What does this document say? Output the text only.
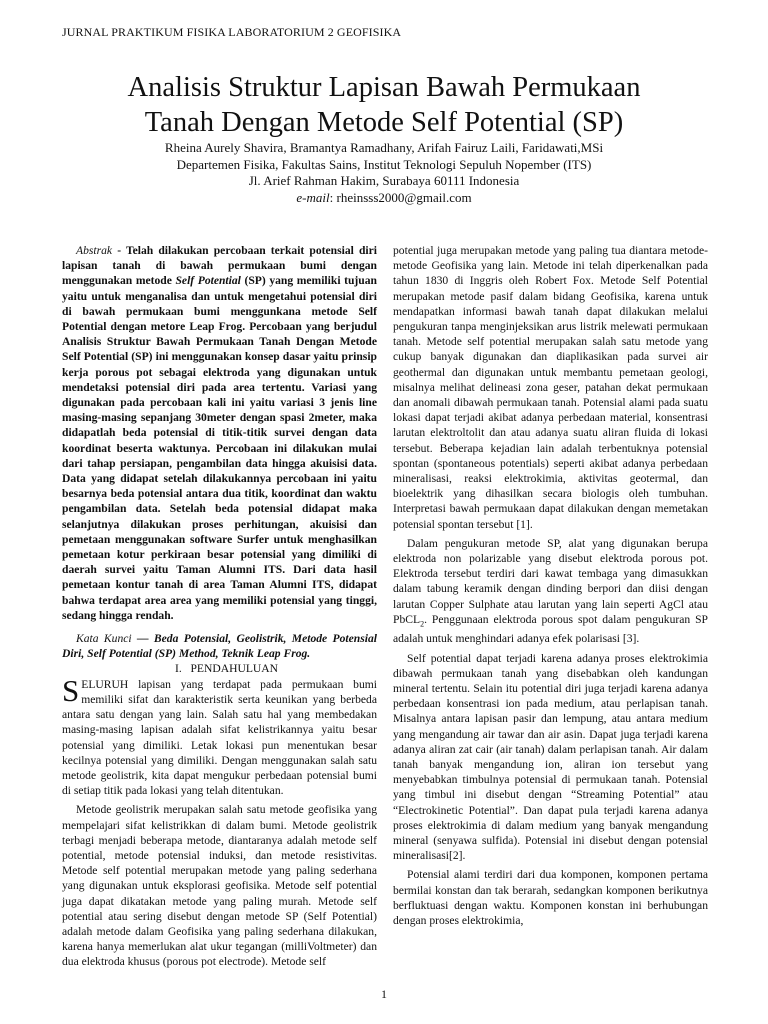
JURNAL PRAKTIKUM FISIKA LABORATORIUM 2 GEOFISIKA
Analisis Struktur Lapisan Bawah Permukaan
Tanah Dengan Metode Self Potential (SP)
Rheina Aurely Shavira, Bramantya Ramadhany, Arifah Fairuz Laili, Faridawati,MSi
Departemen Fisika, Fakultas Sains, Institut Teknologi Sepuluh Nopember (ITS)
Jl. Arief Rahman Hakim, Surabaya 60111 Indonesia
e-mail: rheinsss2000@gmail.com

Abstrak - Telah dilakukan percobaan terkait potensial diri lapisan tanah di bawah permukaan bumi dengan menggunakan metode Self Potential (SP) yang memiliki tujuan yaitu untuk menganalisa dan untuk mengetahui potensial diri di bawah permukaan bumi menggunkana metode Self Potential dengan metore Leap Frog. Percobaan yang berjudul Analisis Struktur Bawah Permukaan Tanah Dengan Metode Self Potential (SP) ini menggunakan konsep dasar yaitu prinsip kerja porous pot sebagai elektroda yang digunakan untuk mendetaksi potensial diri pada area tertentu. Variasi yang digunakan pada percobaan kali ini yaitu variasi 3 jenis line masing-masing sepanjang 30meter dengan spasi 2meter, maka didapatlah beda potensial di titik-titik survei dengan data koordinat beserta waktunya. Percobaan ini dilakukan mulai dari tahap persiapan, pengambilan data hingga akuisisi data. Data yang didapat setelah dilakukannya percobaan ini yaitu besarnya beda potensial antara dua titik, koordinat dan waktu pengambilan data. Setelah beda potensial didapat maka selanjutnya dilakukan proses perhitungan, akuisisi dan pemetaan menggunakan software Surfer untuk menghasilkan pemetaan kotur perkiraan besar potensial yang dimiliki di daerah survei yaitu Taman Alumni ITS. Dari data hasil pemetaan kontur tanah di area Taman Alumni ITS, didapat bahwa terdapat area area yang memiliki potensial yang tinggi, sedang hingga rendah.

Kata Kunci — Beda Potensial, Geolistrik, Metode Potensial Diri, Self Potential (SP) Method, Teknik Leap Frog.

I. PENDAHULUAN

SELURUH lapisan yang terdapat pada permukaan bumi memiliki sifat dan karakteristik serta keunikan yang berbeda antara satu dengan yang lain. Salah satu hal yang membedakan masing-masing lapisan adalah sifat kelistrikannya yaitu besar potensial yang dimiliki. Letak lokasi pun menentukan besar kecilnya potensial yang dimiliki. Dengan menggunakan salah satu metode geolistrik, kita dapat mengukur perbedaan potensial bumi di setiap titik pada lokasi yang telah ditentukan.

Metode geolistrik merupakan salah satu metode geofisika yang mempelajari sifat kelistrikkan di dalam bumi. Metode geolistrik terbagi menjadi beberapa metode, diantaranya adalah metode self potential, metode potensial induksi, dan metode resistivitas. Metode self potential merupakan metode yang paling sederhana yang digunakan untuk eksplorasi geofisika. Metode self potential juga dapat dikatakan metode yang paling murah. Metode self potential atau sering disebut dengan metode SP (Self Potential) adalah metode dalam Geofisika yang paling sederhana dilakukan, karena hanya memerlukan alat ukur tegangan (milliVoltmeter) dan dua elektroda khusus (porous pot electrode). Metode self

potential juga merupakan metode yang paling tua diantara metode-metode Geofisika yang lain. Metode ini telah diperkenalkan pada tahun 1830 di Inggris oleh Robert Fox. Metode Self Potential merupakan metode pasif dalam bidang Geofisika, karena untuk mendapatkan informasi bawah tanah dapat dilakukan melalui pengukuran tanpa menginjeksikan arus listrik melewati permukaan tanah. Metode self potential merupakan salah satu metode yang cukup banyak digunakan dan diaplikasikan pada survei air geothermal dan digunakan untuk membantu pemetaan geologi, misalnya melihat delineasi zona geser, patahan dekat permukaan dan anomali dibawah permukaan tanah. Potensial alami pada suatu lokasi dapat terjadi akibat adanya perbedaan material, konsentrasi larutan elektroltolit dan atau adanya suatu aliran fluida di lokasi tersebut. Beberapa kejadian lain adalah terbentuknya potensial spontan (spontaneous potentials) seperti akibat adanya perbedaan mineralisasi, reaksi elektrokimia, aktivitas geotermal, dan bioelektrik yang dihasilkan secara biologis oleh tumbuhan. Interpretasi bawah permukaan dapat dilakukan dengan memetakan potensial spontan tersebut [1].

Dalam pengukuran metode SP, alat yang digunakan berupa elektroda non polarizable yang disebut elektroda porous pot. Elektroda tersebut terdiri dari kawat tembaga yang dimasukkan dalam tabung keramik dengan dinding berpori dan diisi dengan larutan Copper Sulphate atau larutan yang lain seperti AgCl atau PbCL$_2$. Penggunaan elektroda porous spot dalam pengukuran SP adalah untuk menghindari adanya efek polarisasi [3].

Self potential dapat terjadi karena adanya proses elektrokimia dibawah permukaan tanah yang disebabkan oleh kandungan mineral tertentu. Selain itu potential diri juga terjadi karena adanya perbedaan konsentrasi ion pada medium, atau perlapisan tanah. Misalnya antara lapisan pasir dan lempung, atau antara medium yang mengandung air tawar dan air asin. Dapat juga terjadi karena adanya aliran zat cair (air tanah) dalam perlapisan tanah. Air dalam tanah banyak mengandung ion, aliran ion tersebut yang menyebabkan timbulnya potensial di permukaan tanah. Potensial yang timbul ini disebut dengan “Streaming Potential” atau “Electrokinetic Potential”. Dan dapat pula terjadi karena adanya proses elektrokimia di dalam medium yang banyak mengandung mineral (senyawa sulfida). Potensial ini disebut dengan potensial mineralisasi[2].

Potensial alami terdiri dari dua komponen, komponen pertama bermilai konstan dan tak berarah, sedangkan komponen berikutnya berfluktuasi dengan waktu. Komponen konstan ini berhubungan dengan proses elektrokimia,

1
